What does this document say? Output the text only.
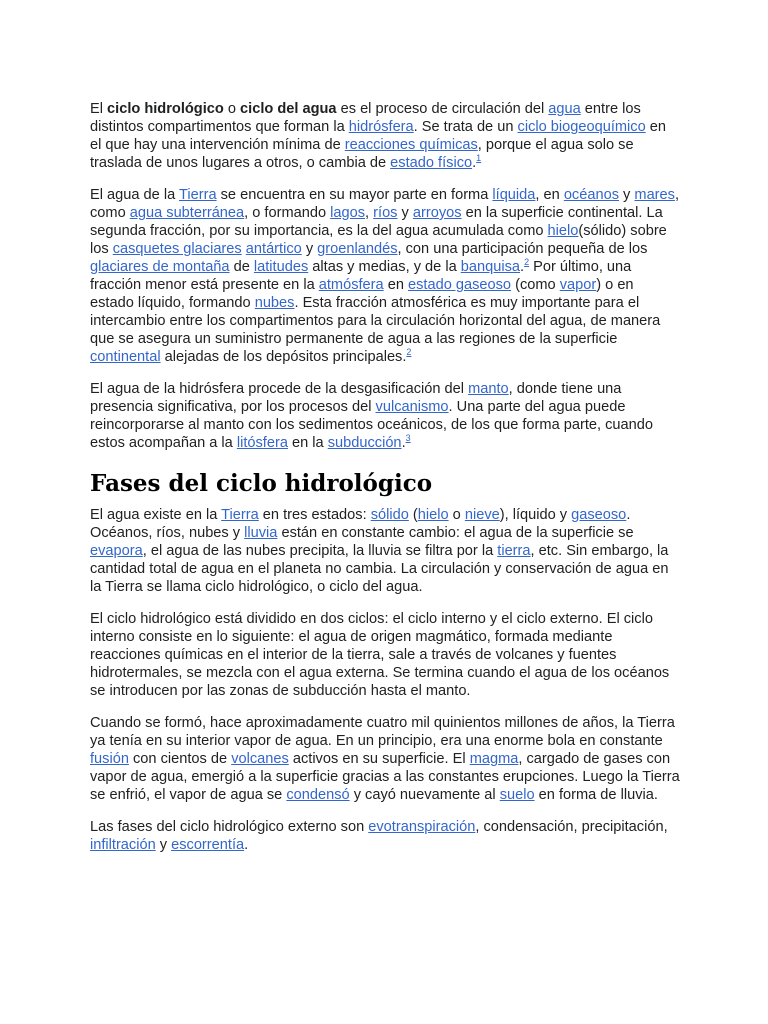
El ciclo hidrológico o ciclo del agua es el proceso de circulación del agua entre los distintos compartimentos que forman la hidrósfera. Se trata de un ciclo biogeoquímico en el que hay una intervención mínima de reacciones químicas, porque el agua solo se traslada de unos lugares a otros, o cambia de estado físico.$^1$

El agua de la Tierra se encuentra en su mayor parte en forma líquida, en océanos y mares, como agua subterránea, o formando lagos, ríos y arroyos en la superficie continental. La segunda fracción, por su importancia, es la del agua acumulada como hielo(sólido) sobre los casquetes glaciares antártico y groenlandés, con una participación pequeña de los glaciares de montaña de latitudes altas y medias, y de la banquisa.$^2$ Por último, una fracción menor está presente en la atmósfera en estado gaseoso (como vapor) o en estado líquido, formando nubes. Esta fracción atmosférica es muy importante para el intercambio entre los compartimentos para la circulación horizontal del agua, de manera que se asegura un suministro permanente de agua a las regiones de la superficie continental alejadas de los depósitos principales.$^2$

El agua de la hidrósfera procede de la desgasificación del manto, donde tiene una presencia significativa, por los procesos del vulcanismo. Una parte del agua puede reincorporarse al manto con los sedimentos oceánicos, de los que forma parte, cuando estos acompañan a la litósfera en la subducción.$^3$

Fases del ciclo hidrológico

El agua existe en la Tierra en tres estados: sólido (hielo o nieve), líquido y gaseoso. Océanos, ríos, nubes y lluvia están en constante cambio: el agua de la superficie se evapora, el agua de las nubes precipita, la lluvia se filtra por la tierra, etc. Sin embargo, la cantidad total de agua en el planeta no cambia. La circulación y conservación de agua en la Tierra se llama ciclo hidrológico, o ciclo del agua.

El ciclo hidrológico está dividido en dos ciclos: el ciclo interno y el ciclo externo. El ciclo interno consiste en lo siguiente: el agua de origen magmático, formada mediante reacciones químicas en el interior de la tierra, sale a través de volcanes y fuentes hidrotermales, se mezcla con el agua externa. Se termina cuando el agua de los océanos se introducen por las zonas de subducción hasta el manto.

Cuando se formó, hace aproximadamente cuatro mil quinientos millones de años, la Tierra ya tenía en su interior vapor de agua. En un principio, era una enorme bola en constante fusión con cientos de volcanes activos en su superficie. El magma, cargado de gases con vapor de agua, emergió a la superficie gracias a las constantes erupciones. Luego la Tierra se enfrió, el vapor de agua se condensó y cayó nuevamente al suelo en forma de lluvia.

Las fases del ciclo hidrológico externo son evotranspiración, condensación, precipitación, infiltración y escorrentía.
